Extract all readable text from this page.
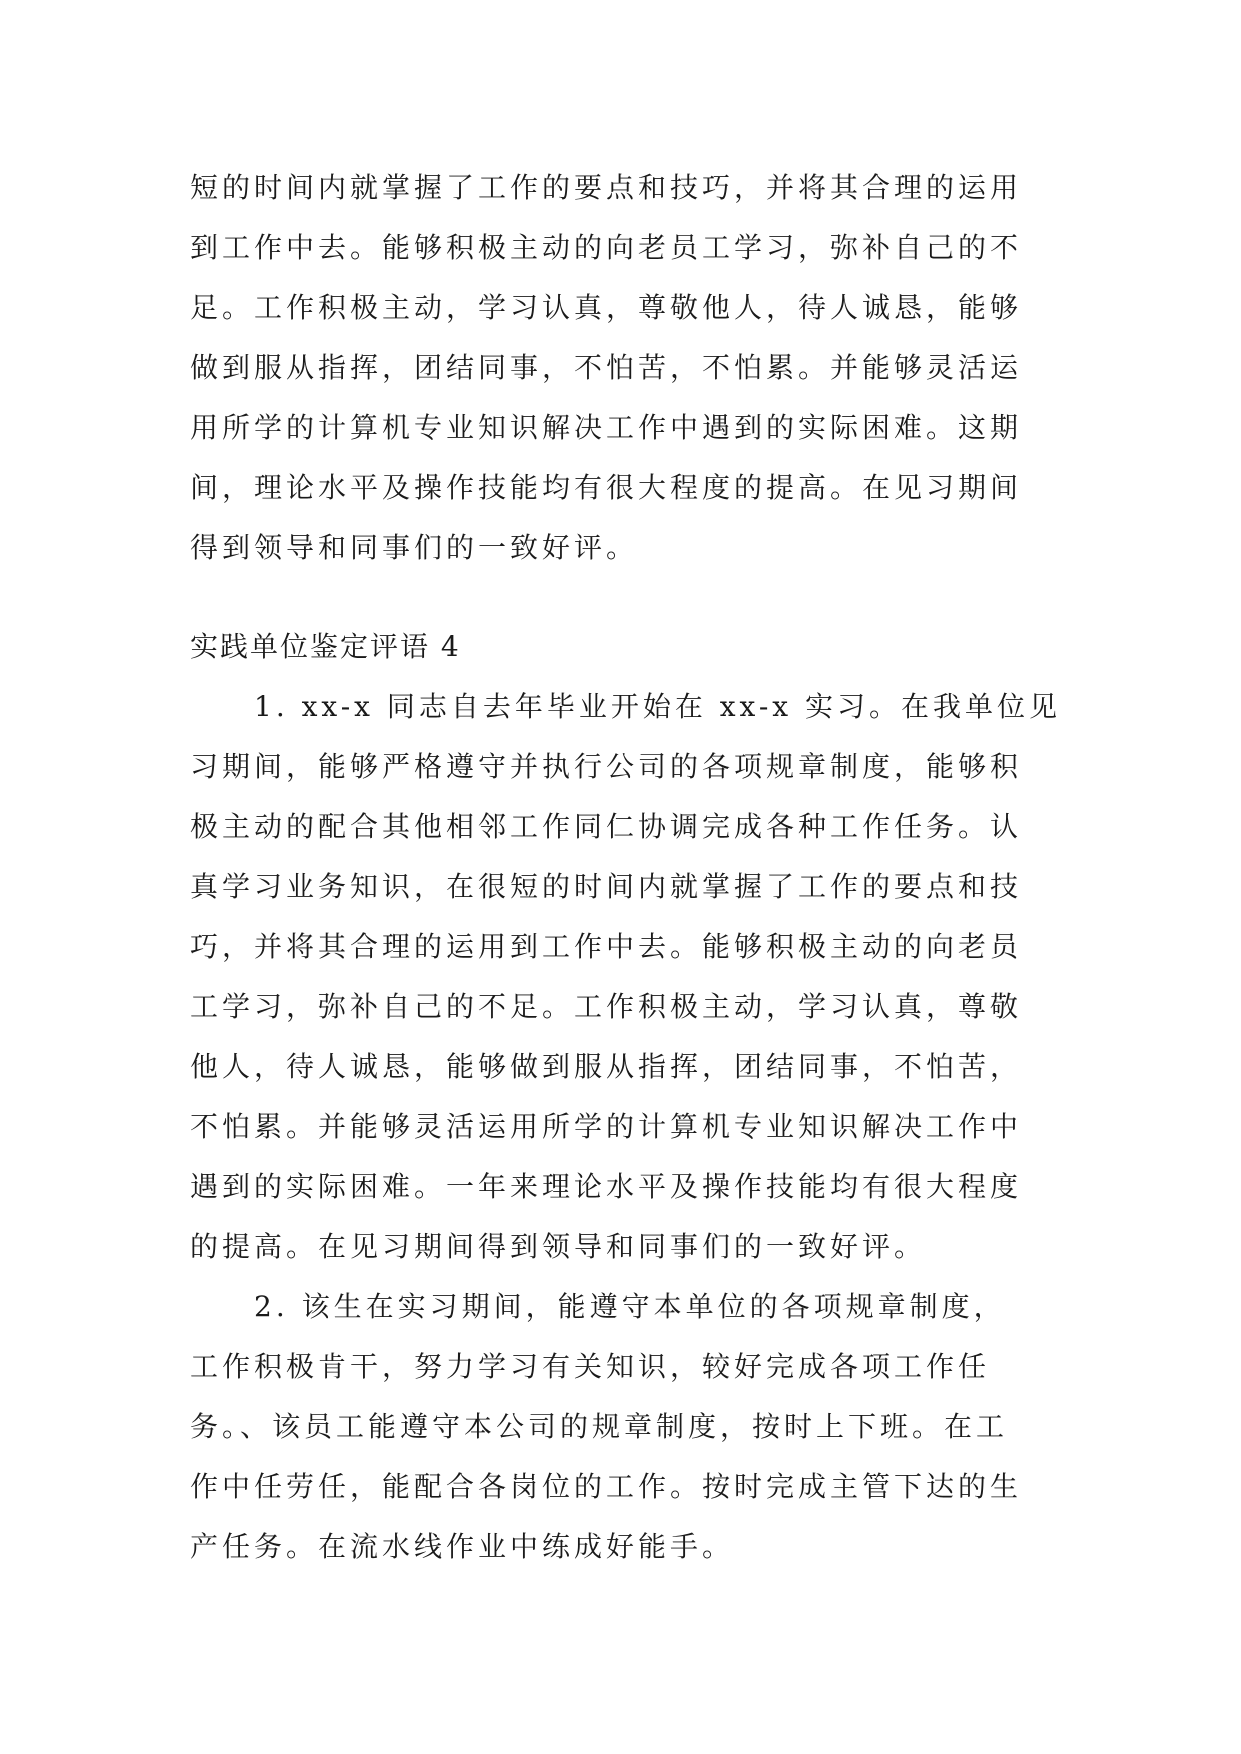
短的时间内就掌握了工作的要点和技巧，并将其合理的运用
到工作中去。能够积极主动的向老员工学习，弥补自己的不
足。工作积极主动，学习认真，尊敬他人，待人诚恳，能够
做到服从指挥，团结同事，不怕苦，不怕累。并能够灵活运
用所学的计算机专业知识解决工作中遇到的实际困难。这期
间，理论水平及操作技能均有很大程度的提高。在见习期间
得到领导和同事们的一致好评。
实践单位鉴定评语 4
　　1. xx-x 同志自去年毕业开始在 xx-x 实习。在我单位见
习期间，能够严格遵守并执行公司的各项规章制度，能够积
极主动的配合其他相邻工作同仁协调完成各种工作任务。认
真学习业务知识，在很短的时间内就掌握了工作的要点和技
巧，并将其合理的运用到工作中去。能够积极主动的向老员
工学习，弥补自己的不足。工作积极主动，学习认真，尊敬
他人，待人诚恳，能够做到服从指挥，团结同事，不怕苦，
不怕累。并能够灵活运用所学的计算机专业知识解决工作中
遇到的实际困难。一年来理论水平及操作技能均有很大程度
的提高。在见习期间得到领导和同事们的一致好评。
　　2. 该生在实习期间，能遵守本单位的各项规章制度，
工作积极肯干，努力学习有关知识，较好完成各项工作任
务。、该员工能遵守本公司的规章制度，按时上下班。在工
作中任劳任，能配合各岗位的工作。按时完成主管下达的生
产任务。在流水线作业中练成好能手。
